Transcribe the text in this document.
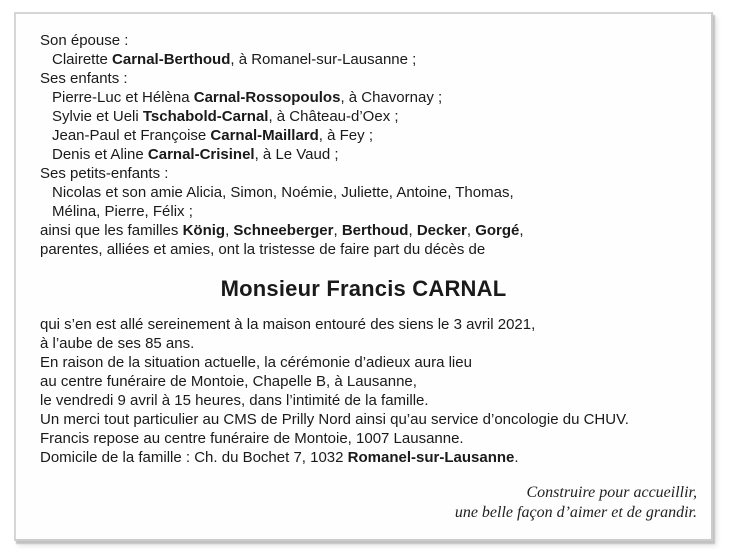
Son épouse :
Clairette Carnal-Berthoud, à Romanel-sur-Lausanne ;
Ses enfants :
Pierre-Luc et Hélèna Carnal-Rossopoulos, à Chavornay ;
Sylvie et Ueli Tschabold-Carnal, à Château-d’Oex ;
Jean-Paul et Françoise Carnal-Maillard, à Fey ;
Denis et Aline Carnal-Crisinel, à Le Vaud ;
Ses petits-enfants :
Nicolas et son amie Alicia, Simon, Noémie, Juliette, Antoine, Thomas,
Mélina, Pierre, Félix ;
ainsi que les familles König, Schneeberger, Berthoud, Decker, Gorgé,
parentes, alliées et amies, ont la tristesse de faire part du décès de
Monsieur Francis CARNAL
qui s’en est allé sereinement à la maison entouré des siens le 3 avril 2021,
à l’aube de ses 85 ans.
En raison de la situation actuelle, la cérémonie d’adieux aura lieu
au centre funéraire de Montoie, Chapelle B, à Lausanne,
le vendredi 9 avril à 15 heures, dans l’intimité de la famille.
Un merci tout particulier au CMS de Prilly Nord ainsi qu’au service d’oncologie du CHUV.
Francis repose au centre funéraire de Montoie, 1007 Lausanne.
Domicile de la famille : Ch. du Bochet 7, 1032 Romanel-sur-Lausanne.
Construire pour accueillir,
une belle façon d’aimer et de grandir.
